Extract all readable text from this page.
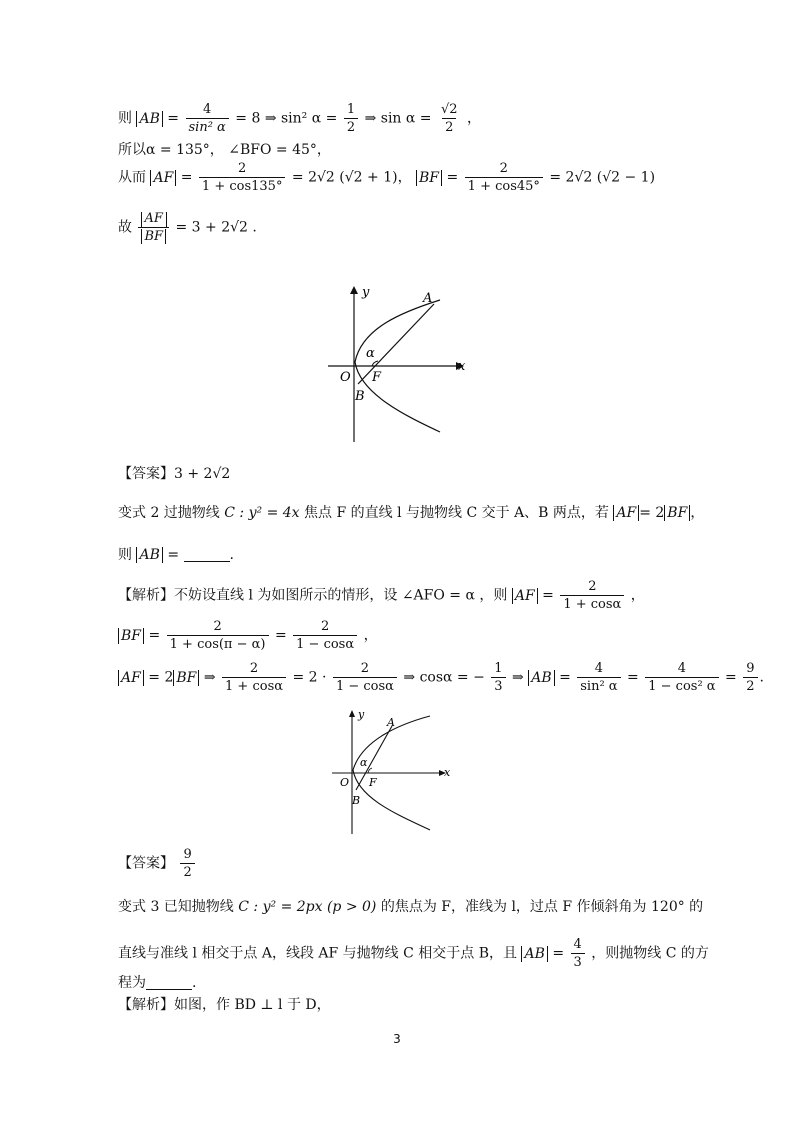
则 AB = $\frac{4}{\text{sin² α}} = 8$ ⇒ sin² $\alpha = \frac{1}{2}$ ⇒ $\sin \alpha = \frac{√2}{2}$ ，
所以α = 135°， ∠BFO = 45°，
从而 AF = $\frac{2}{1 + \cos 135^\circ} = 2√2$ (√2 + 1)， BF = $\frac{2}{1 + \cos 45^\circ} = 2√2$ (√2 − 1)
故 $\frac{AF}{BF} = 3 + 2√2$ .
y
x
A
B
O F
α
【答案】3 + 2√2
变式 2 过抛物线 C : y² = 4x 焦点 F 的直线 l 与抛物线 C 交于 A、B 两点，若 AF = 2 BF ，
则 AB =	.
【解析】不妨设直线 l 为如图所示的情形，设 ∠AFO = α ，则 AF = $\frac{2}{1 + \cos\alpha}$ ，
BF = $\frac{2}{1 + \cos(\pi - \alpha)} = \frac{2}{1 - \cos\alpha}$ ，
AF = 2 BF ⇒ $\frac{2}{1 + \cos\alpha} = 2 \cdot \frac{2}{1 - \cos\alpha}$ ⇒ cosα = − $\frac{1}{3}$ ⇒ AB = $\frac{4}{\text{sin² α}} = \frac{4}{\text{1 − cos² α}} = \frac{9}{2}$ .
y
x
A
B
O F
α
【答案】 $\frac{9}{2}$
变式 3 已知抛物线 C : y² = 2px (p > 0) 的焦点为 F，准线为 l，过点 F 作倾斜角为 120° 的
直线与准线 l 相交于点 A，线段 AF 与抛物线 C 相交于点 B，且 AB = $\frac{4}{3}$ ，则抛物线 C 的方
程为	.
【解析】如图，作 BD ⊥ l 于 D，
3
